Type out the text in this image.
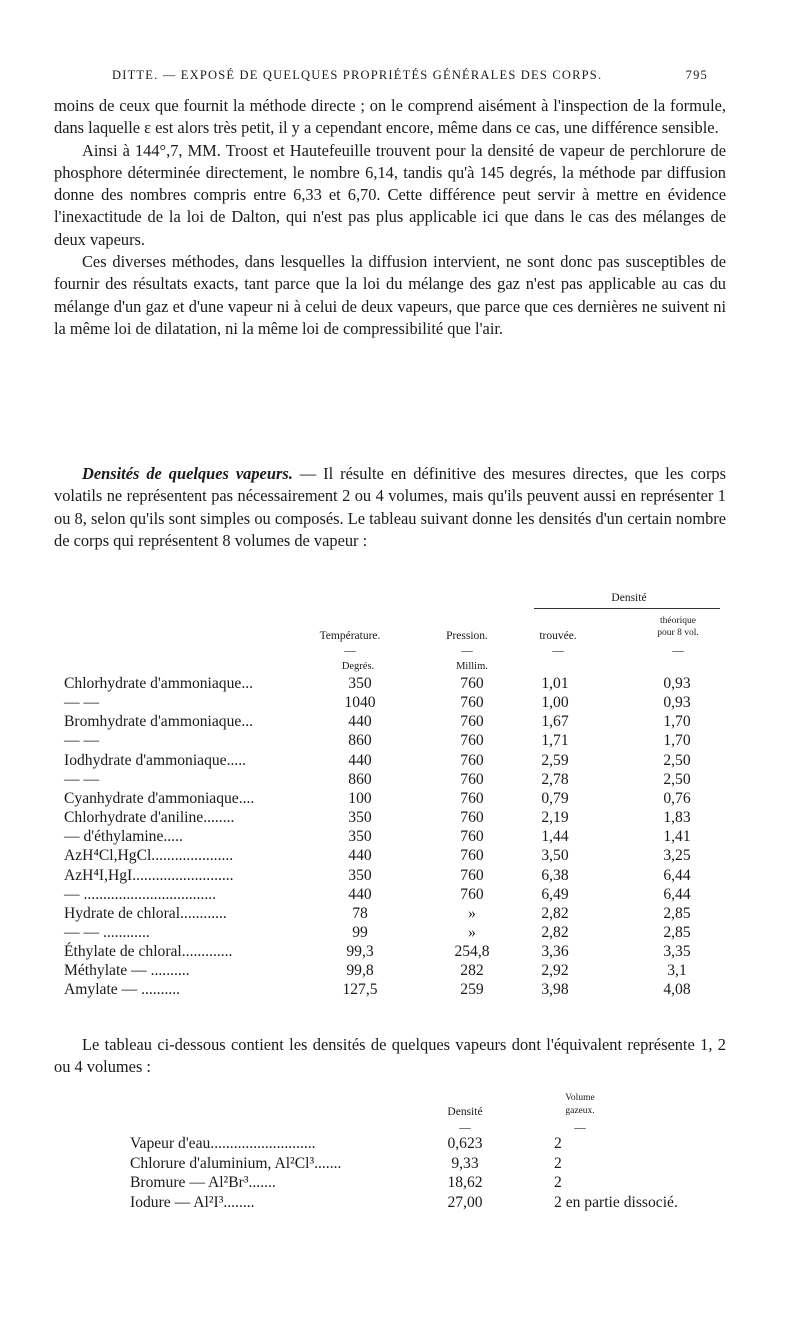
DITTE. — EXPOSÉ DE QUELQUES PROPRIÉTÉS GÉNÉRALES DES CORPS.	795

moins de ceux que fournit la méthode directe ; on le comprend aisément à l'inspection de la formule, dans laquelle ε est alors très petit, il y a cependant encore, même dans ce cas, une différence sensible.

Ainsi à 144°,7, MM. Troost et Hautefeuille trouvent pour la densité de vapeur de perchlorure de phosphore déterminée directement, le nombre 6,14, tandis qu'à 145 degrés, la méthode par diffusion donne des nombres compris entre 6,33 et 6,70. Cette différence peut servir à mettre en évidence l'inexactitude de la loi de Dalton, qui n'est pas plus applicable ici que dans le cas des mélanges de deux vapeurs.

Ces diverses méthodes, dans lesquelles la diffusion intervient, ne sont donc pas susceptibles de fournir des résultats exacts, tant parce que la loi du mélange des gaz n'est pas applicable au cas du mélange d'un gaz et d'une vapeur ni à celui de deux vapeurs, que parce que ces dernières ne suivent ni la même loi de dilatation, ni la même loi de compressibilité que l'air.

Densités de quelques vapeurs. — Il résulte en définitive des mesures directes, que les corps volatils ne représentent pas nécessairement 2 ou 4 volumes, mais qu'ils peuvent aussi en représenter 1 ou 8, selon qu'ils sont simples ou composés. Le tableau suivant donne les densités d'un certain nombre de corps qui représentent 8 volumes de vapeur :

Densité
théorique
Température.	Pression.	trouvée.	pour 8 vol.
—	—	—	—
Degrés.	Millim.
Chlorhydrate d'ammoniaque...	350	760	1,01	0,93
— —	1040	760	1,00	0,93
Bromhydrate d'ammoniaque...	440	760	1,67	1,70
— —	860	760	1,71	1,70
Iodhydrate d'ammoniaque.....	440	760	2,59	2,50
— —	860	760	2,78	2,50
Cyanhydrate d'ammoniaque....	100	760	0,79	0,76
Chlorhydrate d'aniline........	350	760	2,19	1,83
— d'éthylamine.....	350	760	1,44	1,41
AzH⁴Cl,HgCl.....................	440	760	3,50	3,25
AzH⁴I,HgI..........................	350	760	6,38	6,44
— ..................................	440	760	6,49	6,44
Hydrate de chloral............	78	»	2,82	2,85
— — ............	99	»	2,82	2,85
Éthylate de chloral.............	99,3	254,8	3,36	3,35
Méthylate — ..........	99,8	282	2,92	3,1
Amylate — ..........	127,5	259	3,98	4,08

Le tableau ci-dessous contient les densités de quelques vapeurs dont l'équivalent représente 1, 2 ou 4 volumes :

Volume
Densité	gazeux.
—	—
Vapeur d'eau...........................	0,623	2
Chlorure d'aluminium, Al²Cl³.......	9,33	2
Bromure — Al²Br³.......	18,62	2
Iodure — Al²I³........	27,00	2 en partie dissocié.
